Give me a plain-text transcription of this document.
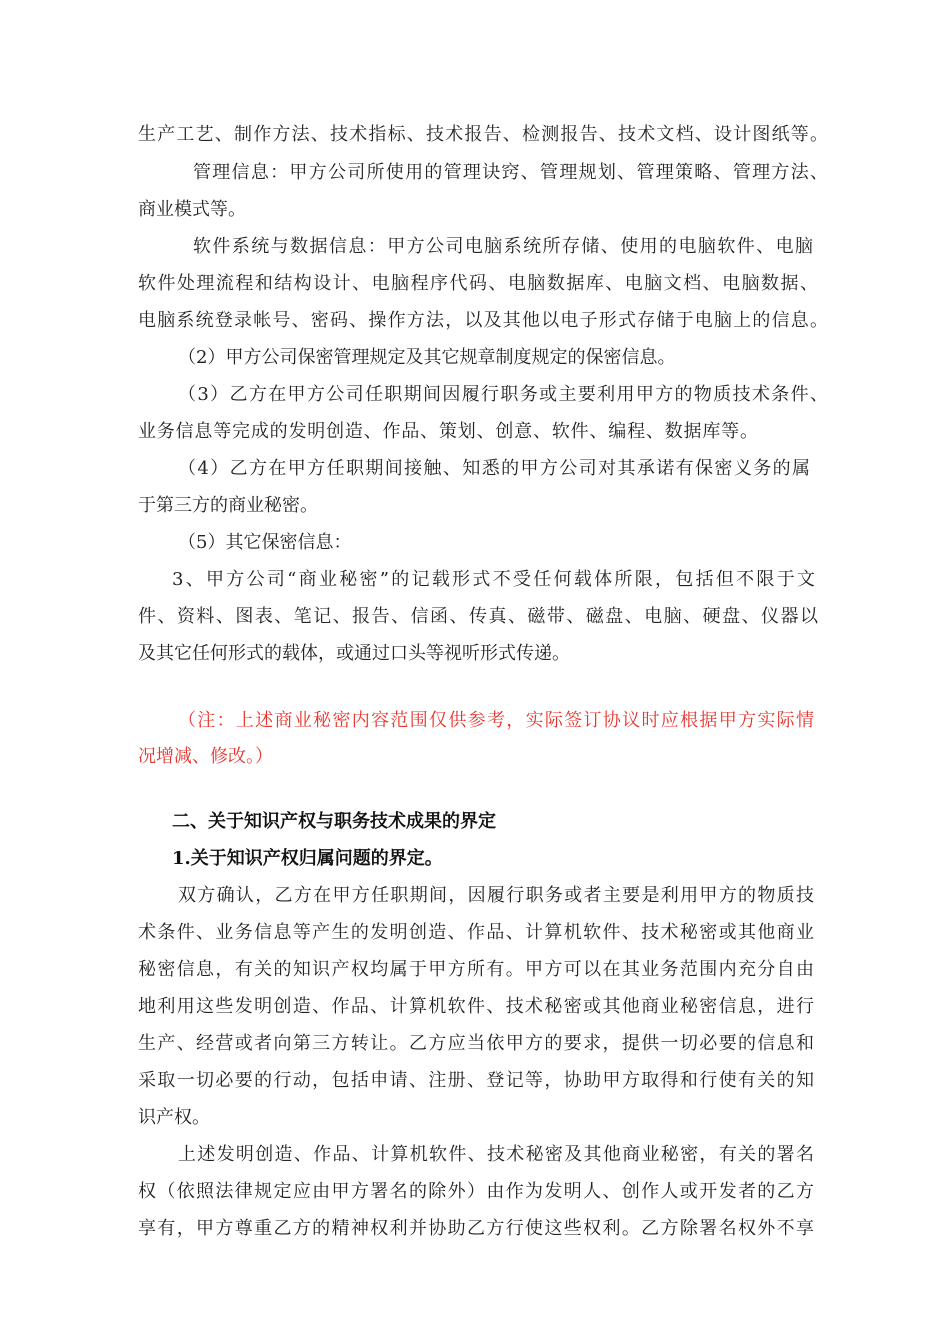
生产工艺、制作方法、技术指标、技术报告、检测报告、技术文档、设计图纸等。
管理信息：甲方公司所使用的管理诀窍、管理规划、管理策略、管理方法、
商业模式等。
软件系统与数据信息：甲方公司电脑系统所存储、使用的电脑软件、电脑
软件处理流程和结构设计、电脑程序代码、电脑数据库、电脑文档、电脑数据、
电脑系统登录帐号、密码、操作方法，以及其他以电子形式存储于电脑上的信息。
（2）甲方公司保密管理规定及其它规章制度规定的保密信息。
（3）乙方在甲方公司任职期间因履行职务或主要利用甲方的物质技术条件、
业务信息等完成的发明创造、作品、策划、创意、软件、编程、数据库等。
（4）乙方在甲方任职期间接触、知悉的甲方公司对其承诺有保密义务的属
于第三方的商业秘密。
（5）其它保密信息：
3、甲方公司“商业秘密”的记载形式不受任何载体所限，包括但不限于文
件、资料、图表、笔记、报告、信函、传真、磁带、磁盘、电脑、硬盘、仪器以
及其它任何形式的载体，或通过口头等视听形式传递。
（注：上述商业秘密内容范围仅供参考，实际签订协议时应根据甲方实际情
况增减、修改。）
二、关于知识产权与职务技术成果的界定
1.关于知识产权归属问题的界定。
双方确认，乙方在甲方任职期间，因履行职务或者主要是利用甲方的物质技
术条件、业务信息等产生的发明创造、作品、计算机软件、技术秘密或其他商业
秘密信息，有关的知识产权均属于甲方所有。甲方可以在其业务范围内充分自由
地利用这些发明创造、作品、计算机软件、技术秘密或其他商业秘密信息，进行
生产、经营或者向第三方转让。乙方应当依甲方的要求，提供一切必要的信息和
采取一切必要的行动，包括申请、注册、登记等，协助甲方取得和行使有关的知
识产权。
上述发明创造、作品、计算机软件、技术秘密及其他商业秘密，有关的署名
权（依照法律规定应由甲方署名的除外）由作为发明人、创作人或开发者的乙方
享有，甲方尊重乙方的精神权利并协助乙方行使这些权利。乙方除署名权外不享
